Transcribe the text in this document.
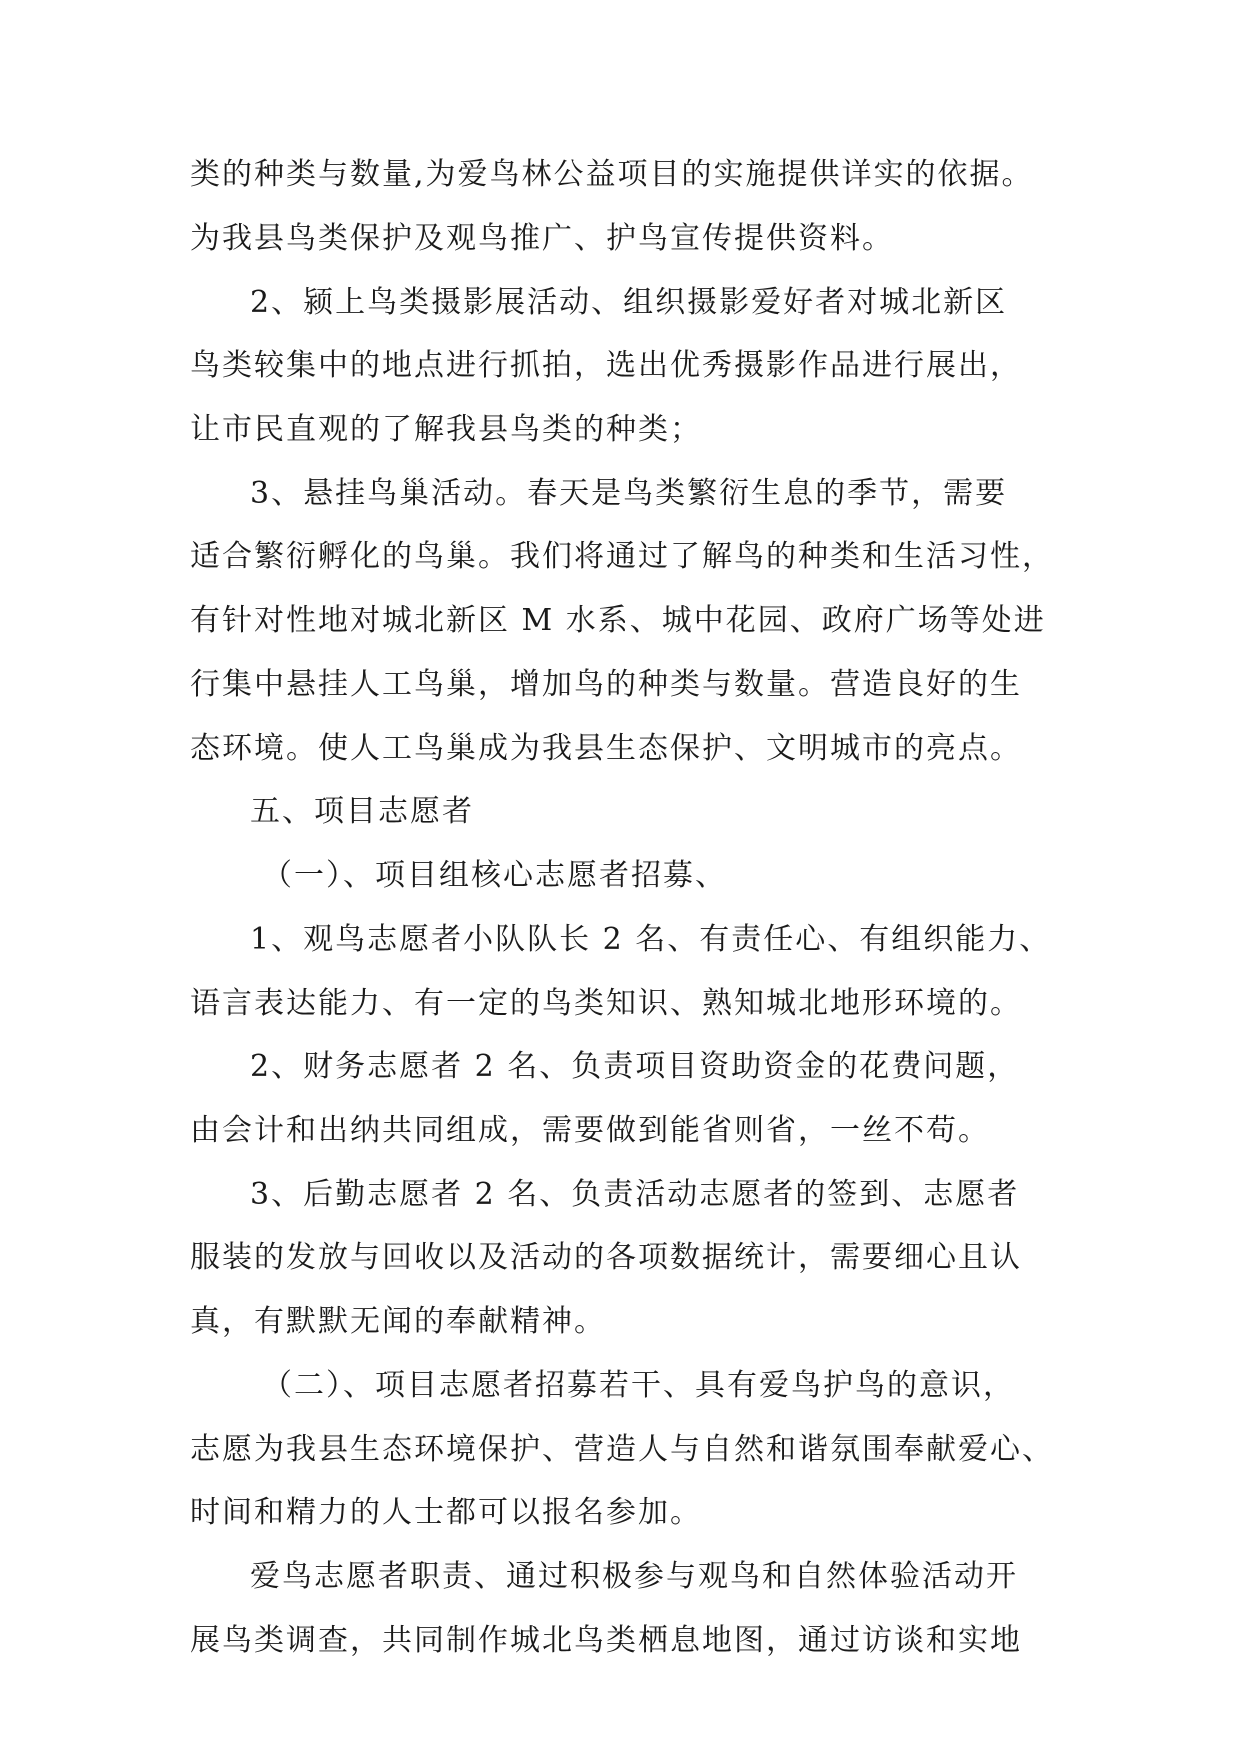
类的种类与数量,为爱鸟林公益项目的实施提供详实的依据。
为我县鸟类保护及观鸟推广、护鸟宣传提供资料。
2、颍上鸟类摄影展活动、组织摄影爱好者对城北新区
鸟类较集中的地点进行抓拍，选出优秀摄影作品进行展出，
让市民直观的了解我县鸟类的种类；
3、悬挂鸟巢活动。春天是鸟类繁衍生息的季节，需要
适合繁衍孵化的鸟巢。我们将通过了解鸟的种类和生活习性，
有针对性地对城北新区 M 水系、城中花园、政府广场等处进
行集中悬挂人工鸟巢，增加鸟的种类与数量。营造良好的生
态环境。使人工鸟巢成为我县生态保护、文明城市的亮点。
五、项目志愿者
（一）、项目组核心志愿者招募、
1、观鸟志愿者小队队长 2 名、有责任心、有组织能力、
语言表达能力、有一定的鸟类知识、熟知城北地形环境的。
2、财务志愿者 2 名、负责项目资助资金的花费问题，
由会计和出纳共同组成，需要做到能省则省，一丝不苟。
3、后勤志愿者 2 名、负责活动志愿者的签到、志愿者
服装的发放与回收以及活动的各项数据统计，需要细心且认
真，有默默无闻的奉献精神。
（二）、项目志愿者招募若干、具有爱鸟护鸟的意识，
志愿为我县生态环境保护、营造人与自然和谐氛围奉献爱心、
时间和精力的人士都可以报名参加。
爱鸟志愿者职责、通过积极参与观鸟和自然体验活动开
展鸟类调查，共同制作城北鸟类栖息地图，通过访谈和实地
